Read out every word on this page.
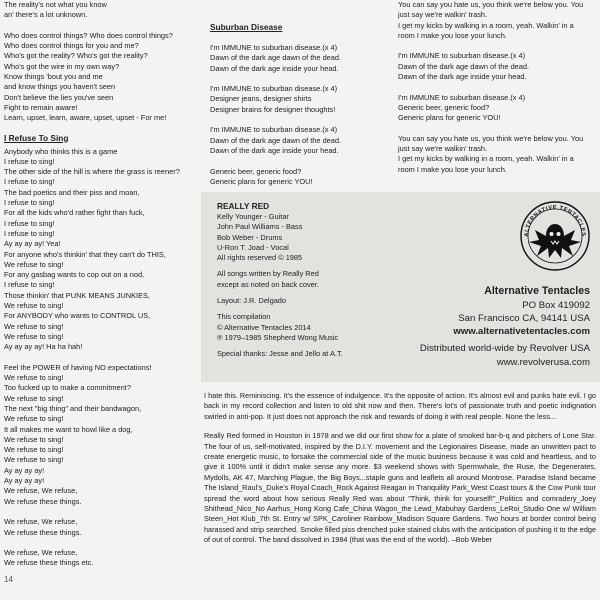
The reality's not what you know
an' there's a lot unknown.
Who does control things? Who does control things?
Who does control things for you and me?
Who's got the reality? Who's got the reality?
Who's got the wire in my own way?
Know things 'bout you and me
and know things you haven't seen
Don't believe the lies you've seen
Fight to remain aware!
Learn, upset, learn, aware, upset, upset - For me!
I Refuse To Sing
Anybody who thinks this is a game
I refuse to sing!
The other side of the hill is where the grass is reener?
I refuse to sing!
The bad poetics and their piss and moan,
I refuse to sing!
For all the kids who'd rather fight than fuck,
I refuse to sing!
I refuse to sing!
Ay ay ay ay! Yea!
For anyone who's thinkin' that they can't do THIS,
We refuse to sing!
For any gasbag wants to cop out on a nod,
I refuse to sing!
Those thinkin' that PUNK MEANS JUNKIES,
We refuse to sing!
For ANYBODY who wants to CONTROL US,
We refuse to sing!
We refuse to sing!
Ay ay ay ay! Ha ha hah!
Feel the POWER of having NO expectations!
We refuse to sing!
Too fucked up to make a commitment?
We refuse to sing!
The next "big thing" and their bandwagon,
We refuse to sing!
It all makes me want to howl like a dog,
We refuse to sing!
We refuse to sing!
We refuse to sing!
Ay ay ay ay!
Ay ay ay ay!
We refuse, We refuse,
We refuse these things.
We refuse, We refuse,
We refuse these things.
We refuse, We refuse,
We refuse these things etc.
14
Suburban Disease
I'm IMMUNE to suburban disease.(x 4)
Dawn of the dark age dawn of the dead.
Dawn of the dark age inside your head.
I'm IMMUNE to suburban disease.(x 4)
Designer jeans, designer shirts
Designer brains for designer thoughts!
I'm IMMUNE to suburban disease.(x 4)
Dawn of the dark age dawn of the dead.
Dawn of the dark age inside your head.
Generic beer, generic food?
Generic plans for generic YOU!
You can say you hate us, you think we're below you. You
just say we're walkin' trash.
I get my kicks by walking in a room, yeah. Walkin' in a
room I make you lose your lunch.
I'm IMMUNE to suburban disease.(x 4)
Dawn of the dark age dawn of the dead.
Dawn of the dark age inside your head.
I'm IMMUNE to suburban disease.(x 4)
Generic beer, generic food?
Generic plans for generic YOU!
You can say you hate us, you think we're below you. You
just say we're walkin' trash.
I get my kicks by walking in a room, yeah. Walkin' in a
room I make you lose your lunch.
REALLY RED
Kelly Younger - Guitar
John Paul Williams - Bass
Bob Weber - Drums
U-Ron T. Joad - Vocal
All rights reserved © 1985
All songs written by Really Red
except as noted on back cover.
Layout: J.R. Delgado
This compilation
© Alternative Tentacles 2014
℗ 1979–1985 Shepherd Wong Music
Special thanks: Jesse and Jello at A.T.
ALTERNATIVE TENTACLES
Alternative Tentacles
PO Box 419092
San Francisco CA, 94141 USA
www.alternativetentacles.com
Distributed world-wide by Revolver USA
www.revolverusa.com

I hate this. Reminiscing. It's the essence of indulgence. It's the opposite of action. It's almost evil and punks hate evil. I go back in my record collection and listen to old shit now and then. There's lot's of passionate truth and poetic indignation swirled in anti-pop. It just does not approach the risk and rewards of doing it with real people. None the less...

Really Red formed in Houston in 1978 and we did our first show for a plate of smoked bar-b-q and pitchers of Lone Star. The four of us, self-motivated, inspired by the D.I.Y. movement and the Legionaires Disease, made an unwritten pact to create energetic music, to forsake the commercial side of the music business because it was cold and heartless, and to give it 100% until it didn't make sense any more. $3 weekend shows with Spermwhale, the Ruse, the Degenerates, Mydolls, AK 47, Marching Plague, the Big Boys...staple guns and leaflets all around Montrose. Paradise Island became The Island_Raul's_Duke's Royal Coach_Rock Against Reagan in Tranquility Park_West Coast tours & the Cow Punk tour spread the word about how serious Really Red was about "Think, think for yourself!"_Politics and comradery_Joey Shithead_Nico_No Aarhus_Hong Kong Cafe_China Wagon_the Lewd_Mabuhay Gardens_LeRoi_Studio One w/ William Steen_Hot Klub_7th St. Entry w/ SPK_Caroliner Rainbow_Madison Square Gardens. Two hours at border control being harassed and strip searched. Smoke filled piss drenched puke stained clubs with the anticipation of pushing it to the edge of out of control. The band dissolved in 1984 (that was the end of the world). –Bob Weber
